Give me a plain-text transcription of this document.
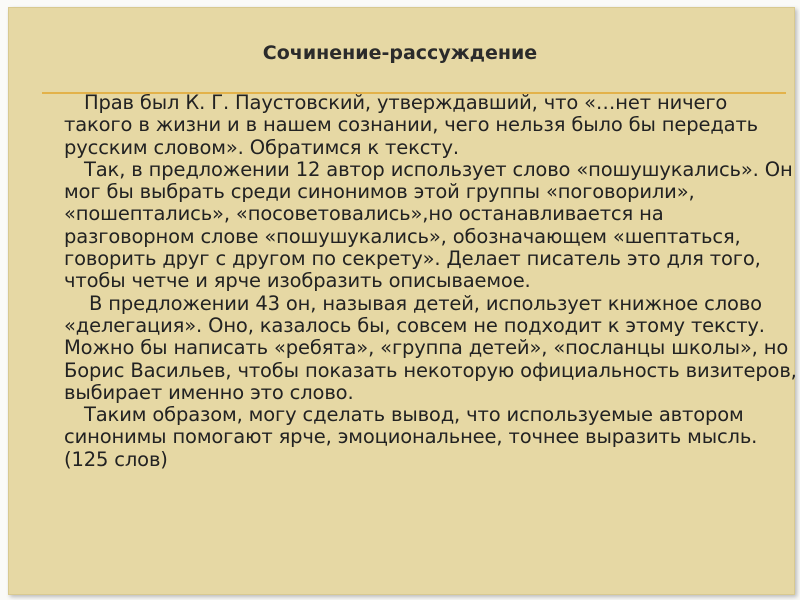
Сочинение-рассуждение

Прав был К. Г. Паустовский, утверждавший, что «…нет ничего такого в жизни и в нашем сознании, чего нельзя было бы передать русским словом». Обратимся к тексту.

Так, в предложении 12 автор использует слово «пошушукались». Он мог бы выбрать среди синонимов этой группы «поговорили», «пошептались», «посоветовались»,но останавливается на разговорном слове «пошушукались», обозначающем «шептаться, говорить друг с другом по секрету». Делает писатель это для того, чтобы четче и ярче изобразить описываемое.

В предложении 43 он, называя детей, использует книжное слово «делегация». Оно, казалось бы, совсем не подходит к этому тексту. Можно бы написать «ребята», «группа детей», «посланцы школы», но Борис Васильев, чтобы показать некоторую официальность визитеров, выбирает именно это слово.

Таким образом, могу сделать вывод, что используемые автором синонимы помогают ярче, эмоциональнее, точнее выразить мысль.(125 слов)
